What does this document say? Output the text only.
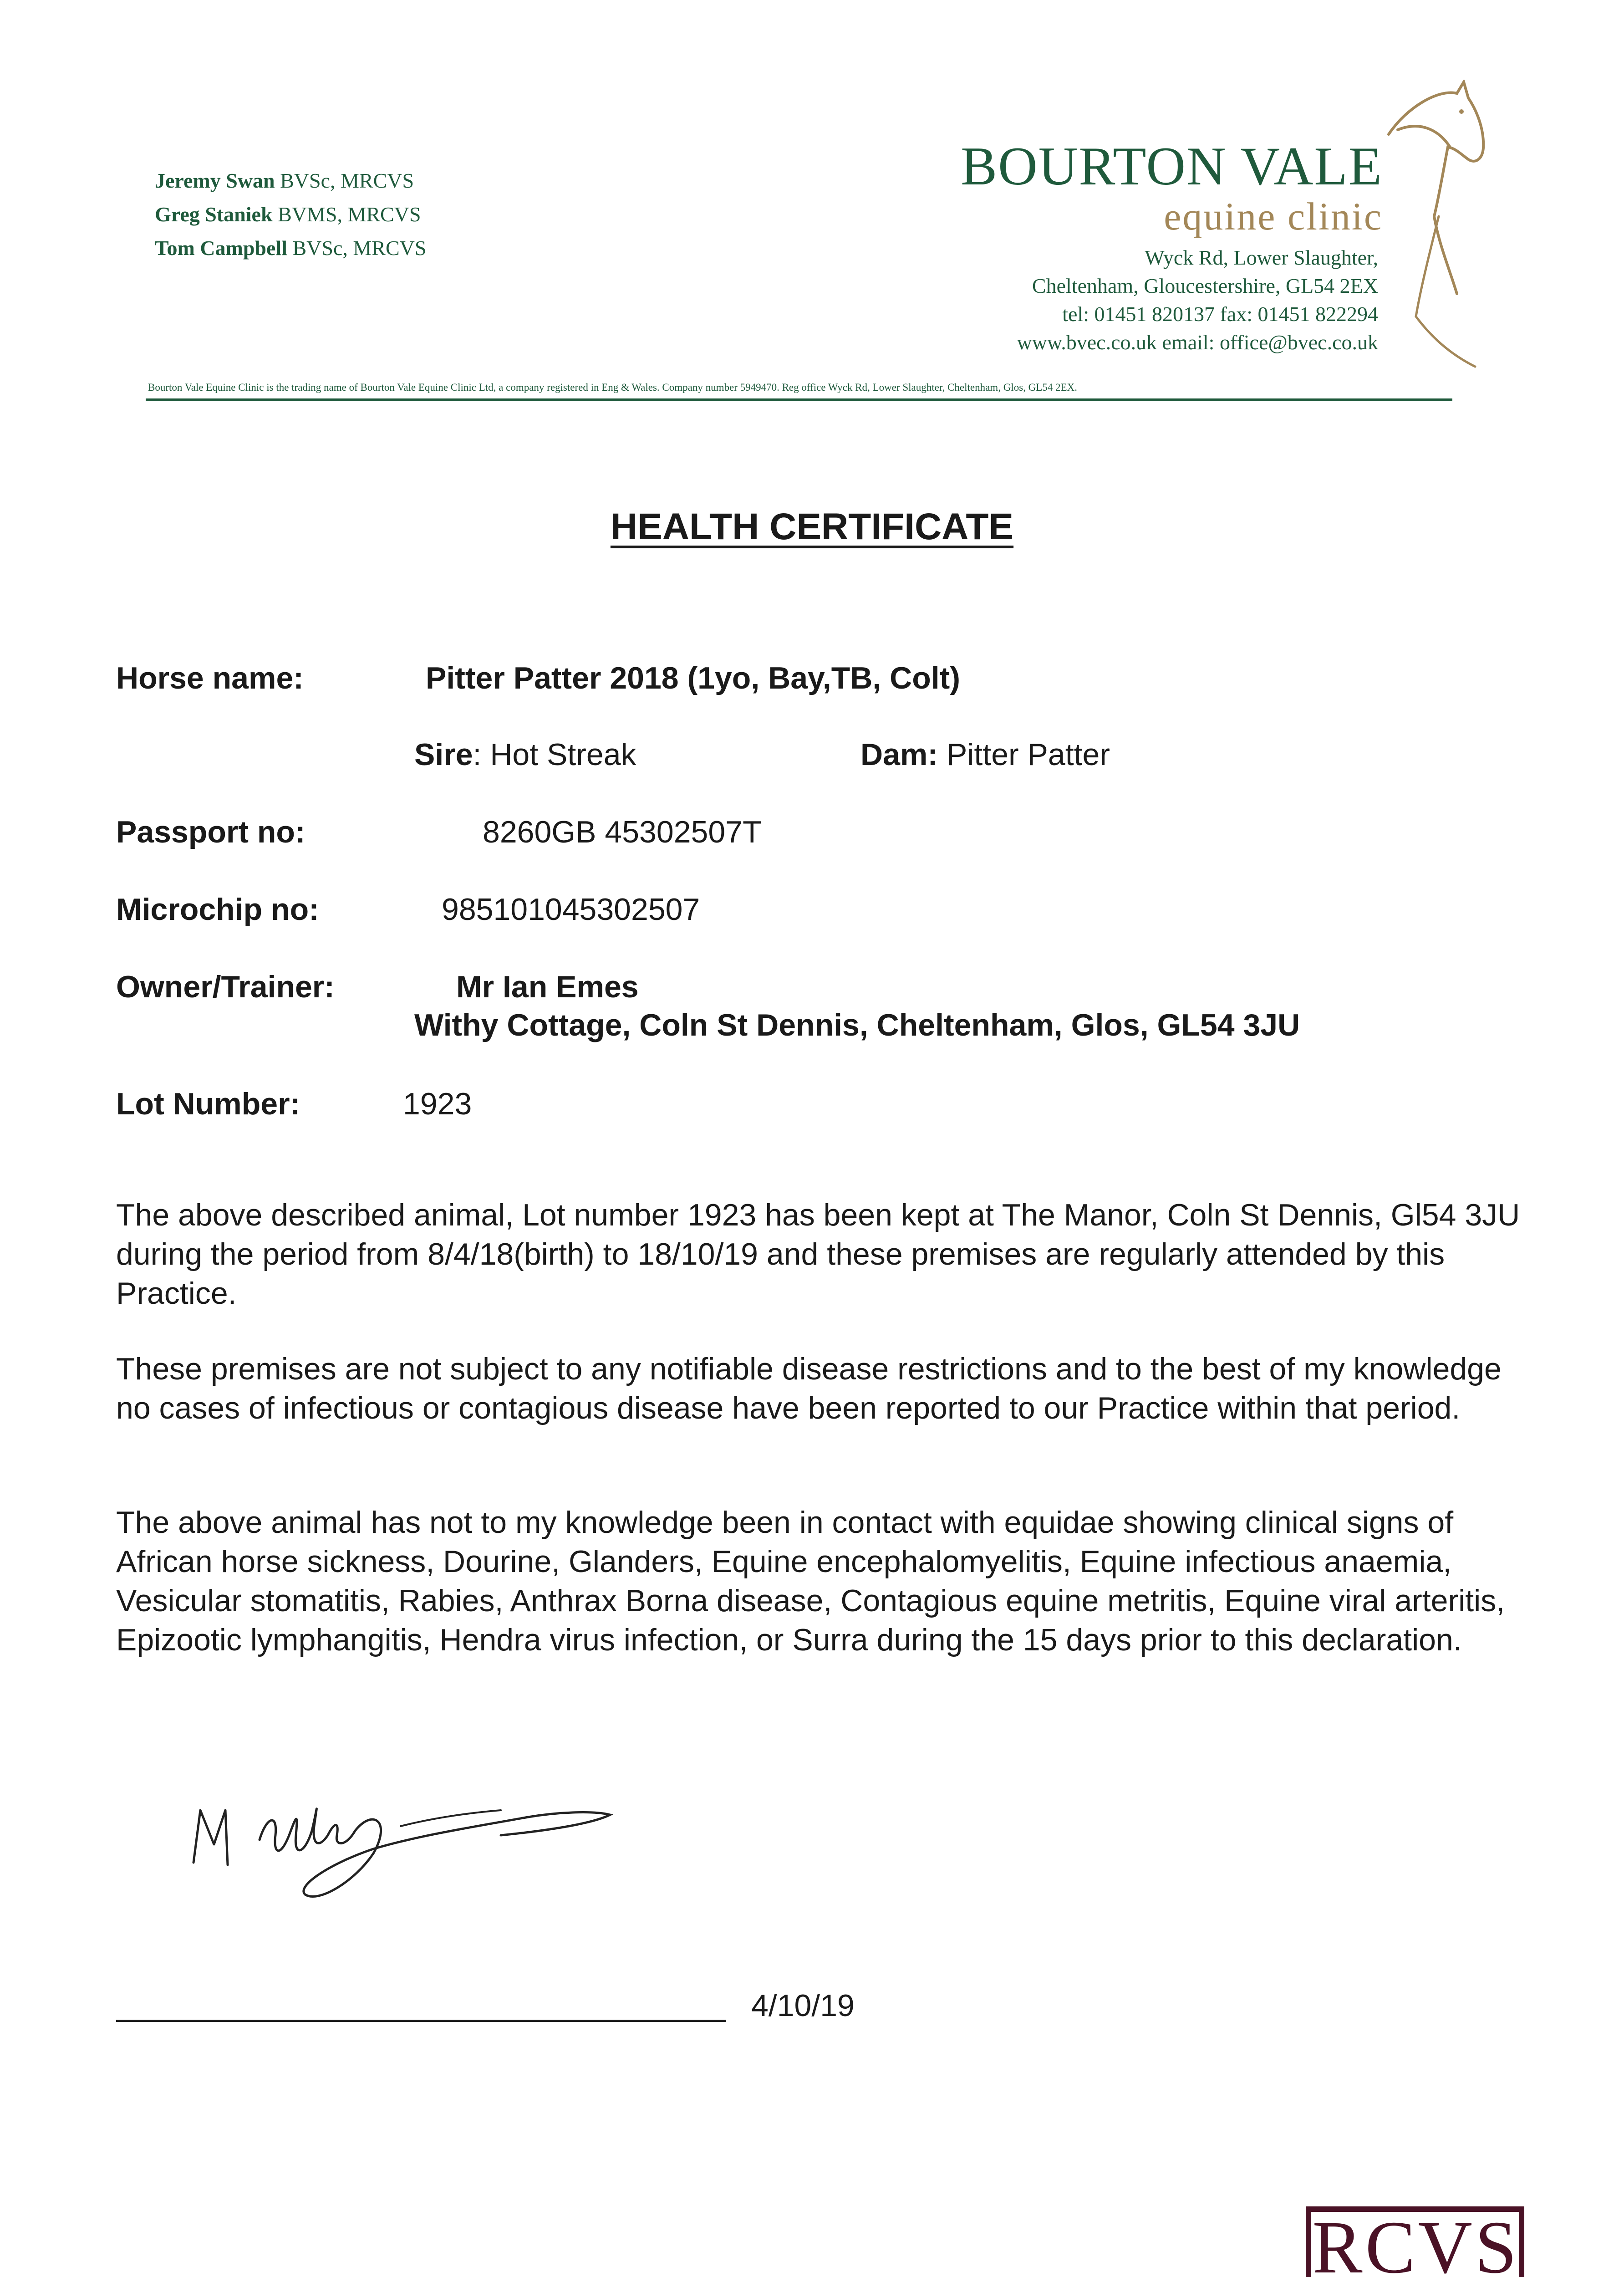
Jeremy Swan BVSc, MRCVS
Greg Staniek BVMS, MRCVS
Tom Campbell BVSc, MRCVS
BOURTON VALE
equine clinic
Wyck Rd, Lower Slaughter,
Cheltenham, Gloucestershire, GL54 2EX
tel: 01451 820137 fax: 01451 822294
www.bvec.co.uk email: office@bvec.co.uk
Bourton Vale Equine Clinic is the trading name of Bourton Vale Equine Clinic Ltd, a company registered in Eng & Wales. Company number 5949470. Reg office Wyck Rd, Lower Slaughter, Cheltenham, Glos, GL54 2EX.
HEALTH CERTIFICATE
Horse name:	Pitter Patter 2018 (1yo, Bay,TB, Colt)
Sire: Hot Streak	Dam: Pitter Patter
Passport no:	8260GB 45302507T
Microchip no:	985101045302507
Owner/Trainer:	Mr Ian Emes
Withy Cottage, Coln St Dennis, Cheltenham, Glos, GL54 3JU
Lot Number:	1923
The above described animal, Lot number 1923 has been kept at The Manor, Coln St Dennis, Gl54 3JU during the period from 8/4/18(birth) to 18/10/19 and these premises are regularly attended by this Practice.
These premises are not subject to any notifiable disease restrictions and to the best of my knowledge no cases of infectious or contagious disease have been reported to our Practice within that period.
The above animal has not to my knowledge been in contact with equidae showing clinical signs of African horse sickness, Dourine, Glanders, Equine encephalomyelitis, Equine infectious anaemia, Vesicular stomatitis, Rabies, Anthrax Borna disease, Contagious equine metritis, Equine viral arteritis, Epizootic lymphangitis, Hendra virus infection, or Surra during the 15 days prior to this declaration.
4/10/19
RCVS
